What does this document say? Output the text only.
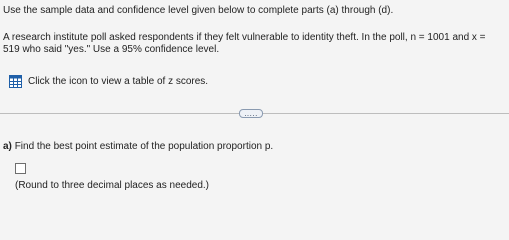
Use the sample data and confidence level given below to complete parts (a) through (d).
A research institute poll asked respondents if they felt vulnerable to identity theft. In the poll, n = 1001 and x = 519 who said "yes." Use a 95% confidence level.
Click the icon to view a table of z scores.
.....
a) Find the best point estimate of the population proportion p.
(Round to three decimal places as needed.)
